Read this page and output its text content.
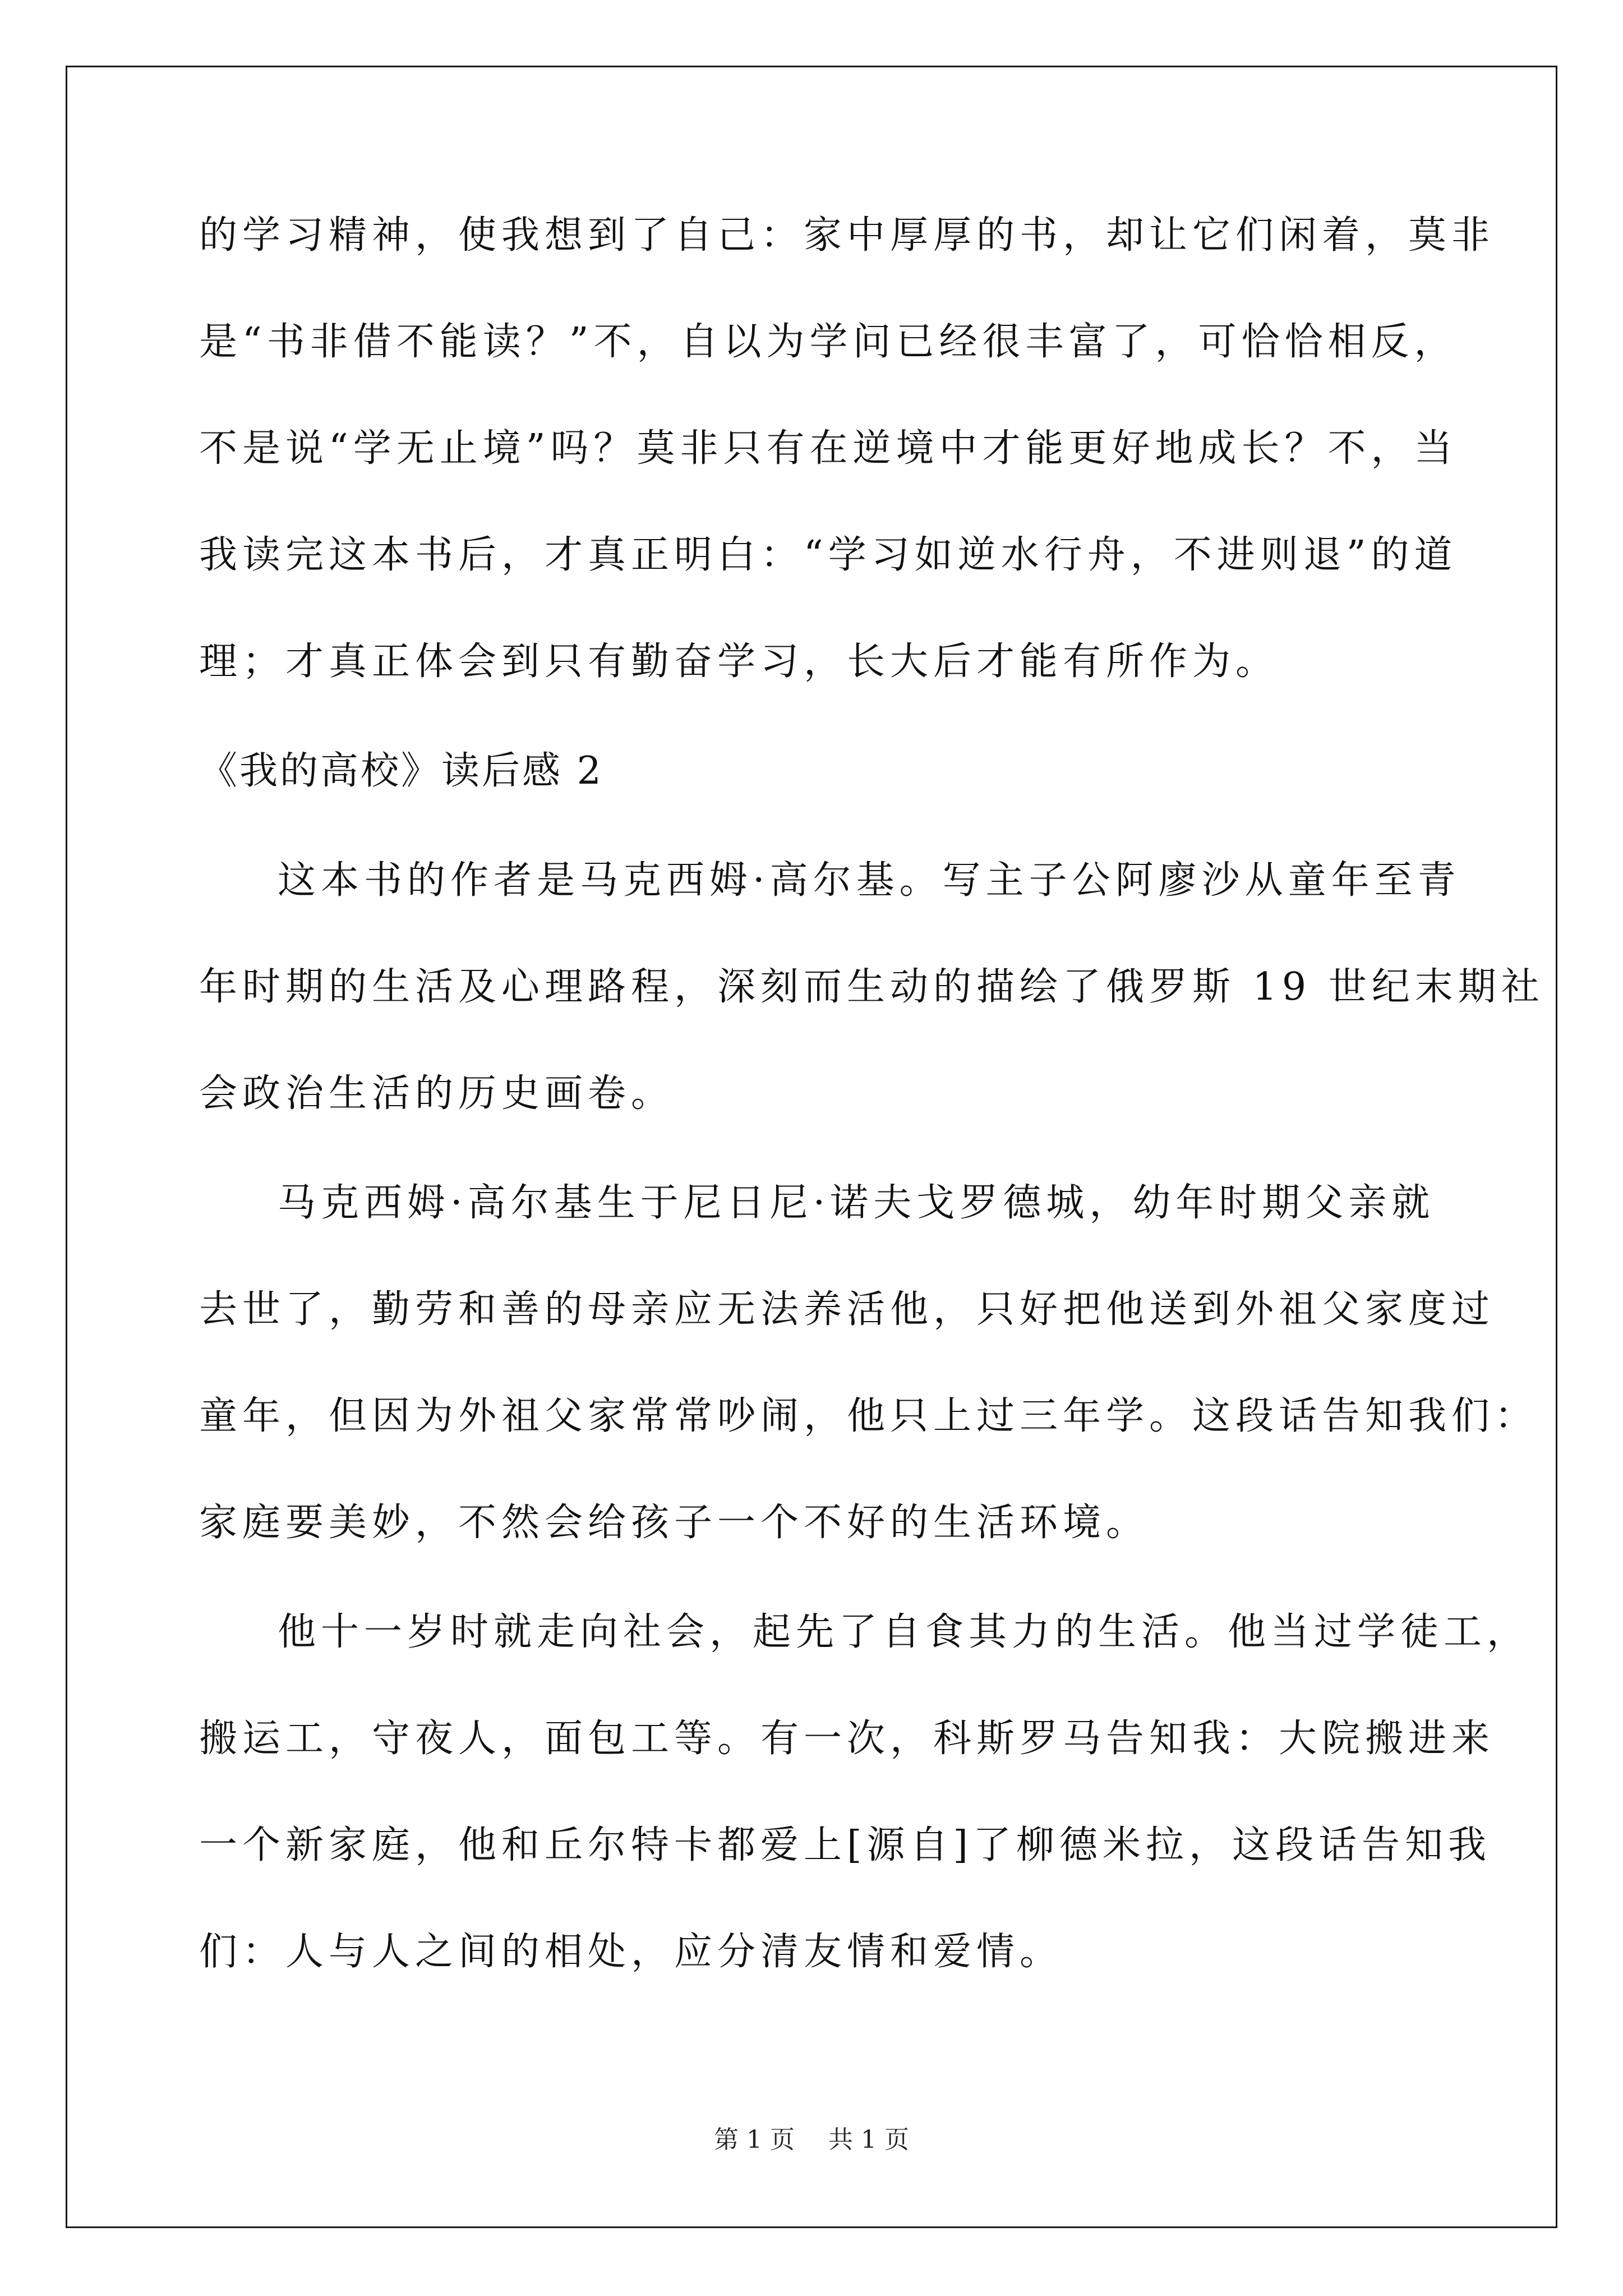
的学习精神，使我想到了自己：家中厚厚的书，却让它们闲着，莫非
是“书非借不能读？”不，自以为学问已经很丰富了，可恰恰相反，
不是说“学无止境”吗？莫非只有在逆境中才能更好地成长？不，当
我读完这本书后，才真正明白：“学习如逆水行舟，不进则退”的道
理；才真正体会到只有勤奋学习，长大后才能有所作为。
《我的高校》读后感 2
这本书的作者是马克西姆·高尔基。写主子公阿廖沙从童年至青
年时期的生活及心理路程，深刻而生动的描绘了俄罗斯 19 世纪末期社
会政治生活的历史画卷。
马克西姆·高尔基生于尼日尼·诺夫戈罗德城，幼年时期父亲就
去世了，勤劳和善的母亲应无法养活他，只好把他送到外祖父家度过
童年，但因为外祖父家常常吵闹，他只上过三年学。这段话告知我们：
家庭要美妙，不然会给孩子一个不好的生活环境。
他十一岁时就走向社会，起先了自食其力的生活。他当过学徒工，
搬运工，守夜人，面包工等。有一次，科斯罗马告知我：大院搬进来
一个新家庭，他和丘尔特卡都爱上[源自]了柳德米拉，这段话告知我
们：人与人之间的相处，应分清友情和爱情。
第 1 页 共 1 页
